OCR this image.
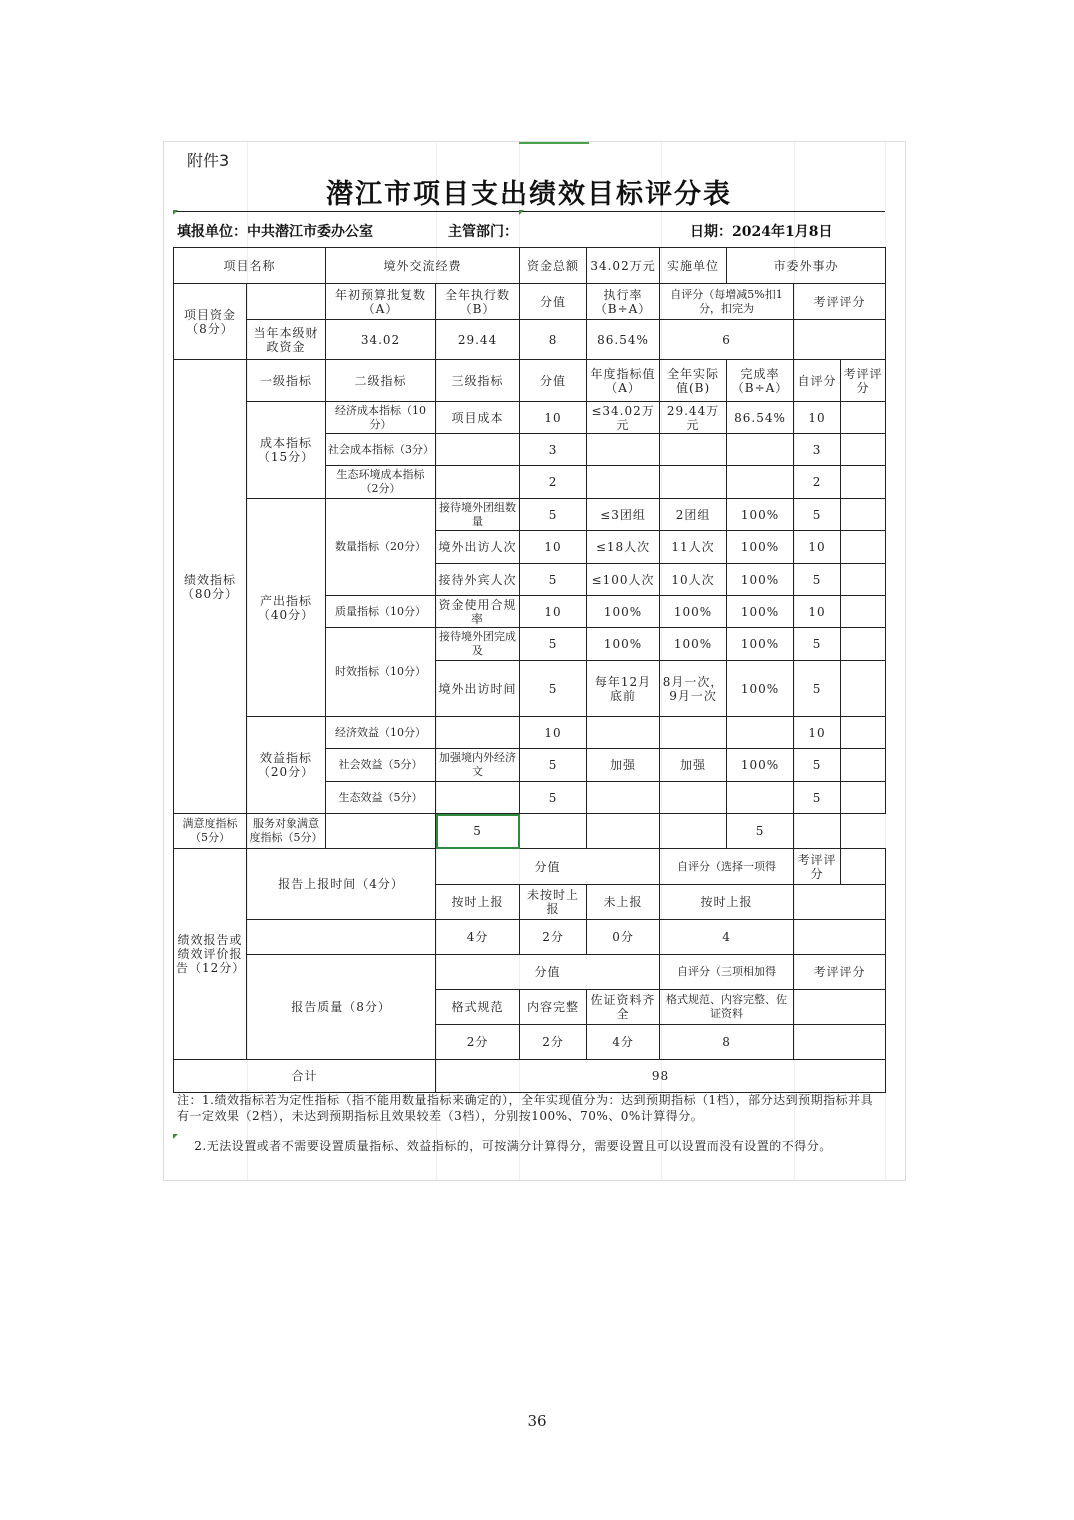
附件3
潜江市项目支出绩效目标评分表
填报单位：中共潜江市委办公室	主管部门：	日期：2024年1月8日
项目名称		境外交流经费		资金总额	34.02万元	实施单位	市委外事办		
项目资金（8分）		年初预算批复数（A）	全年执行数（B）	分值	执行率（B÷A）	自评分（每增减5%扣1分，扣完为		考评评分	
	当年本级财政资金	34.02	29.44	8	86.54%	6			
绩效指标（80分）	一级指标	二级指标	三级指标	分值	年度指标值（A）	全年实际值(B)	完成率（B÷A）	自评分	考评评分
	成本指标（15分）	经济成本指标（10分）	项目成本	10	≤34.02万元	29.44万元	86.54%	10	
		社会成本指标（3分）		3				3	
		生态环境成本指标（2分）		2				2	
	产出指标（40分）	数量指标（20分）	接待境外团组数量	5	≤3团组	2团组	100%	5	
			境外出访人次	10	≤18人次	11人次	100%	10	
			接待外宾人次	5	≤100人次	10人次	100%	5	
		质量指标（10分）	资金使用合规率	10	100%	100%	100%	10	
		时效指标（10分）	接待境外团完成及	5	100%	100%	100%	5	
			境外出访时间	5	每年12月底前	8月一次，9月一次	100%	5	
	效益指标（20分）	经济效益（10分）		10				10	
		社会效益（5分）	加强境内外经济文	5	加强	加强	100%	5	
		生态效益（5分）		5				5	
满意度指标（5分）	服务对象满意度指标（5分）		5				5		
绩效报告或绩效评价报告（12分）	报告上报时间（4分）		分值			自评分（选择一项得		考评评分	
			按时上报	未按时上报	未上报	按时上报			
			4分	2分	0分	4			
	报告质量（8分）		分值			自评分（三项相加得		考评评分	
			格式规范	内容完整	佐证资料齐全	格式规范、内容完整、佐证资料			
			2分	2分	4分	8			
合计			98						
注：1.绩效指标若为定性指标（指不能用数量指标来确定的），全年实现值分为：达到预期指标（1档），部分达到预期指标并具有一定效果（2档），未达到预期指标且效果较差（3档），分别按100%、70%、0%计算得分。
2.无法设置或者不需要设置质量指标、效益指标的，可按满分计算得分，需要设置且可以设置而没有设置的不得分。
36
